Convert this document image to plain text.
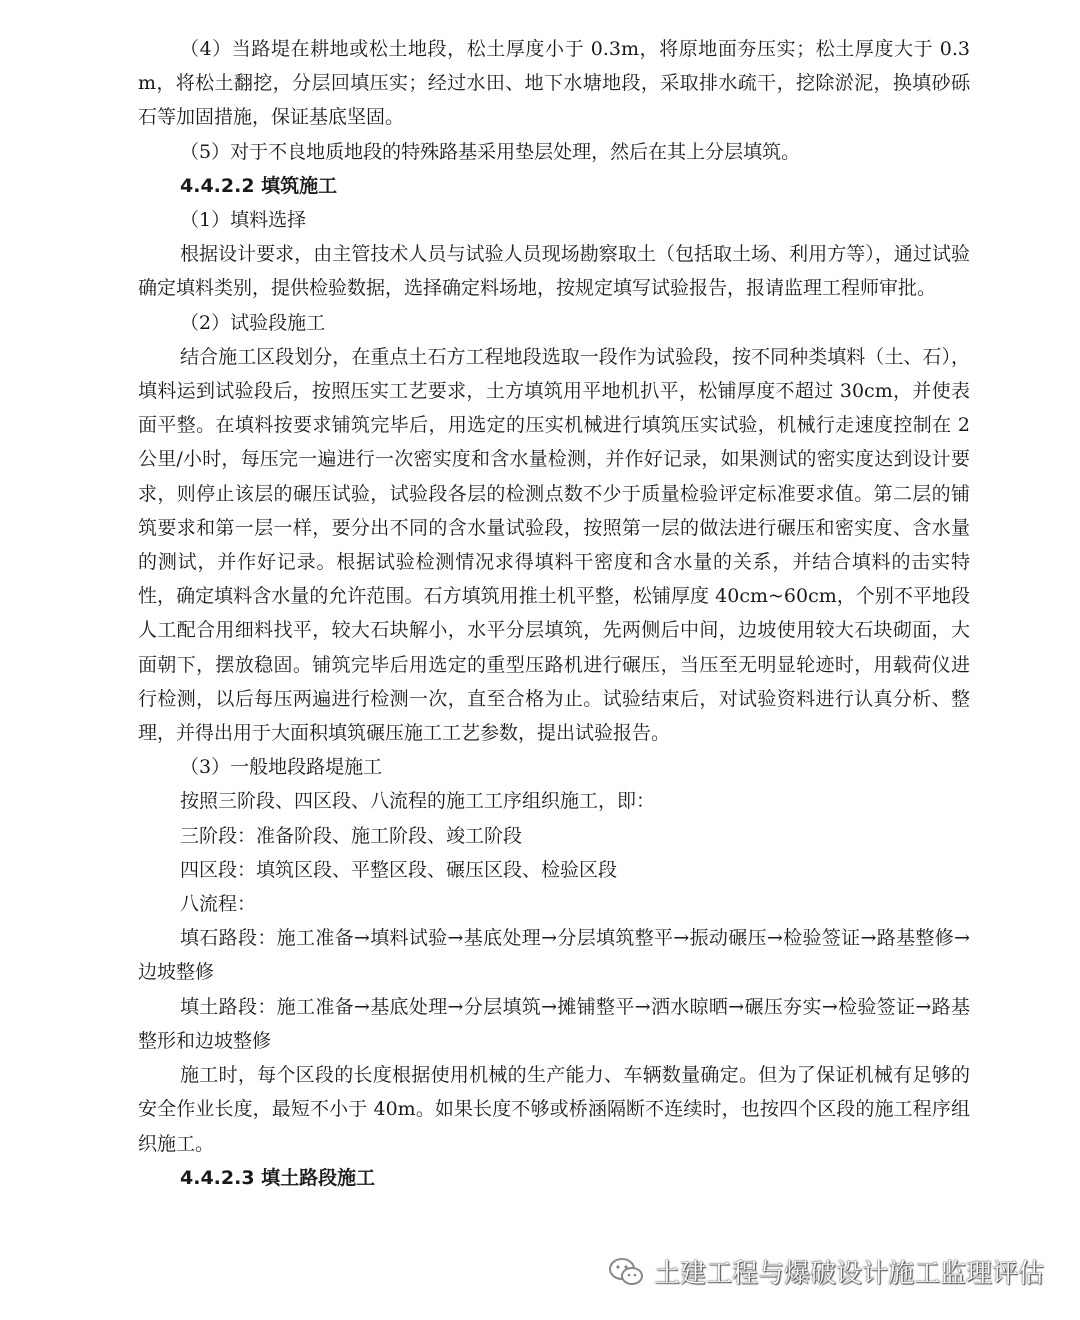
（4）当路堤在耕地或松土地段，松土厚度小于 0.3m，将原地面夯压实；松土厚度大于 0.3m，将松土翻挖，分层回填压实；经过水田、地下水塘地段，采取排水疏干，挖除淤泥，换填砂砾石等加固措施，保证基底坚固。

（5）对于不良地质地段的特殊路基采用垫层处理，然后在其上分层填筑。

4.4.2.2 填筑施工

（1）填料选择

根据设计要求，由主管技术人员与试验人员现场勘察取土（包括取土场、利用方等），通过试验确定填料类别，提供检验数据，选择确定料场地，按规定填写试验报告，报请监理工程师审批。

（2）试验段施工

结合施工区段划分，在重点土石方工程地段选取一段作为试验段，按不同种类填料（土、石），填料运到试验段后，按照压实工艺要求，土方填筑用平地机扒平，松铺厚度不超过 30cm，并使表面平整。在填料按要求铺筑完毕后，用选定的压实机械进行填筑压实试验，机械行走速度控制在 2 公里/小时，每压完一遍进行一次密实度和含水量检测，并作好记录，如果测试的密实度达到设计要求，则停止该层的碾压试验，试验段各层的检测点数不少于质量检验评定标准要求值。第二层的铺筑要求和第一层一样，要分出不同的含水量试验段，按照第一层的做法进行碾压和密实度、含水量的测试，并作好记录。根据试验检测情况求得填料干密度和含水量的关系，并结合填料的击实特性，确定填料含水量的允许范围。石方填筑用推土机平整，松铺厚度 40cm~60cm，个别不平地段人工配合用细料找平，较大石块解小，水平分层填筑，先两侧后中间，边坡使用较大石块砌面，大面朝下，摆放稳固。铺筑完毕后用选定的重型压路机进行碾压，当压至无明显轮迹时，用载荷仪进行检测，以后每压两遍进行检测一次，直至合格为止。试验结束后，对试验资料进行认真分析、整理，并得出用于大面积填筑碾压施工工艺参数，提出试验报告。

（3）一般地段路堤施工

按照三阶段、四区段、八流程的施工工序组织施工，即：

三阶段：准备阶段、施工阶段、竣工阶段

四区段：填筑区段、平整区段、碾压区段、检验区段

八流程：

填石路段：施工准备→填料试验→基底处理→分层填筑整平→振动碾压→检验签证→路基整修→边坡整修

填土路段：施工准备→基底处理→分层填筑→摊铺整平→洒水晾晒→碾压夯实→检验签证→路基整形和边坡整修

施工时，每个区段的长度根据使用机械的生产能力、车辆数量确定。但为了保证机械有足够的安全作业长度，最短不小于 40m。如果长度不够或桥涵隔断不连续时，也按四个区段的施工程序组织施工。

4.4.2.3 填土路段施工

土建工程与爆破设计施工监理评估
